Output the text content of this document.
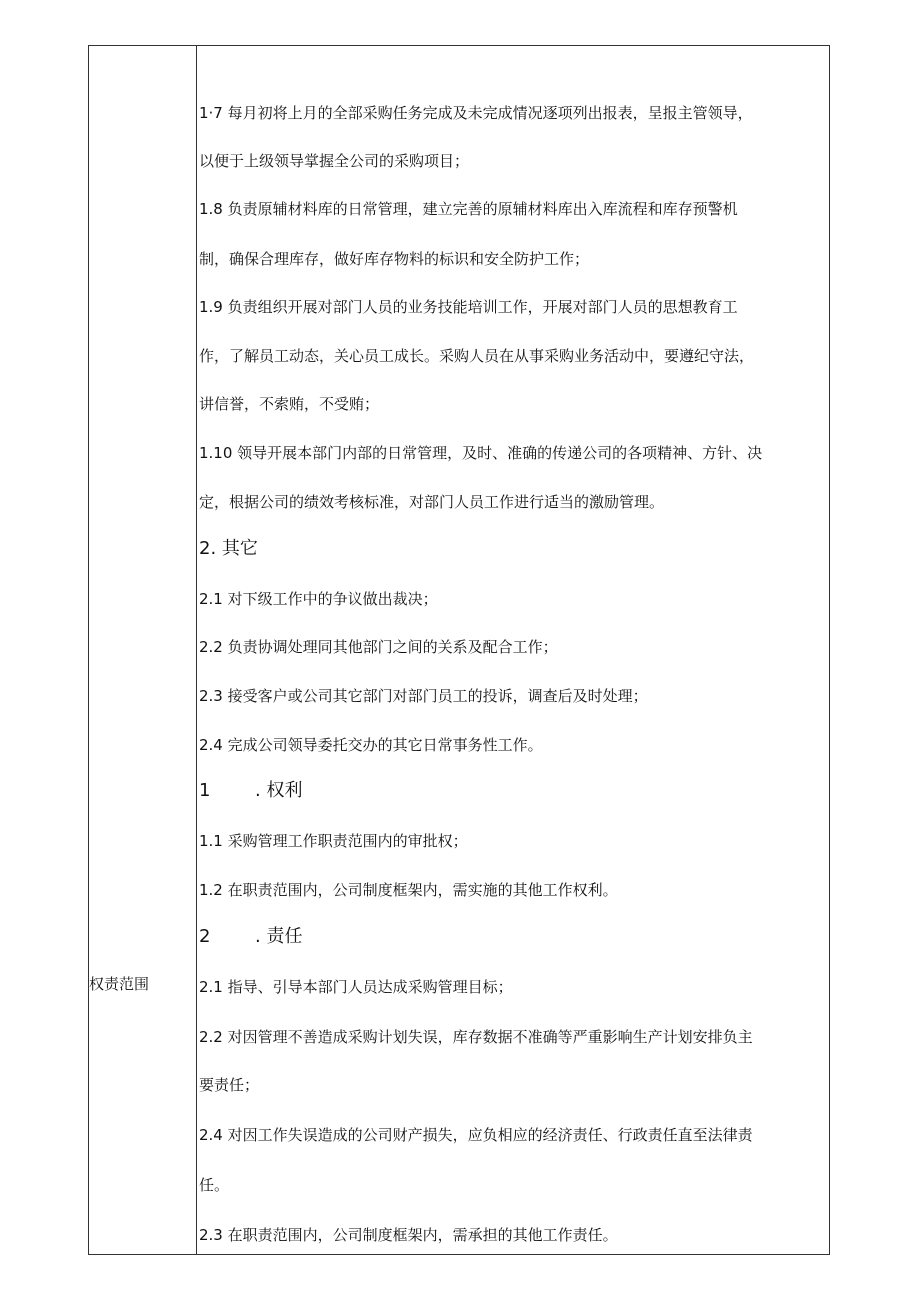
权责范围
1·7 每月初将上月的全部采购任务完成及未完成情况逐项列出报表，呈报主管领导，
以便于上级领导掌握全公司的采购项目；
1.8 负责原辅材料库的日常管理，建立完善的原辅材料库出入库流程和库存预警机
制，确保合理库存，做好库存物料的标识和安全防护工作；
1.9 负责组织开展对部门人员的业务技能培训工作，开展对部门人员的思想教育工
作，了解员工动态，关心员工成长。采购人员在从事采购业务活动中，要遵纪守法，
讲信誉，不索贿，不受贿；
1.10 领导开展本部门内部的日常管理，及时、准确的传递公司的各项精神、方针、决
定，根据公司的绩效考核标准，对部门人员工作进行适当的激励管理。
2. 其它
2.1 对下级工作中的争议做出裁决；
2.2 负责协调处理同其他部门之间的关系及配合工作；
2.3 接受客户或公司其它部门对部门员工的投诉，调查后及时处理；
2.4 完成公司领导委托交办的其它日常事务性工作。
1 . 权利
1.1 采购管理工作职责范围内的审批权；
1.2 在职责范围内，公司制度框架内，需实施的其他工作权利。
2 . 责任
2.1 指导、引导本部门人员达成采购管理目标；
2.2 对因管理不善造成采购计划失误，库存数据不准确等严重影响生产计划安排负主
要责任；
2.4 对因工作失误造成的公司财产损失，应负相应的经济责任、行政责任直至法律责
任。
2.3 在职责范围内，公司制度框架内，需承担的其他工作责任。
